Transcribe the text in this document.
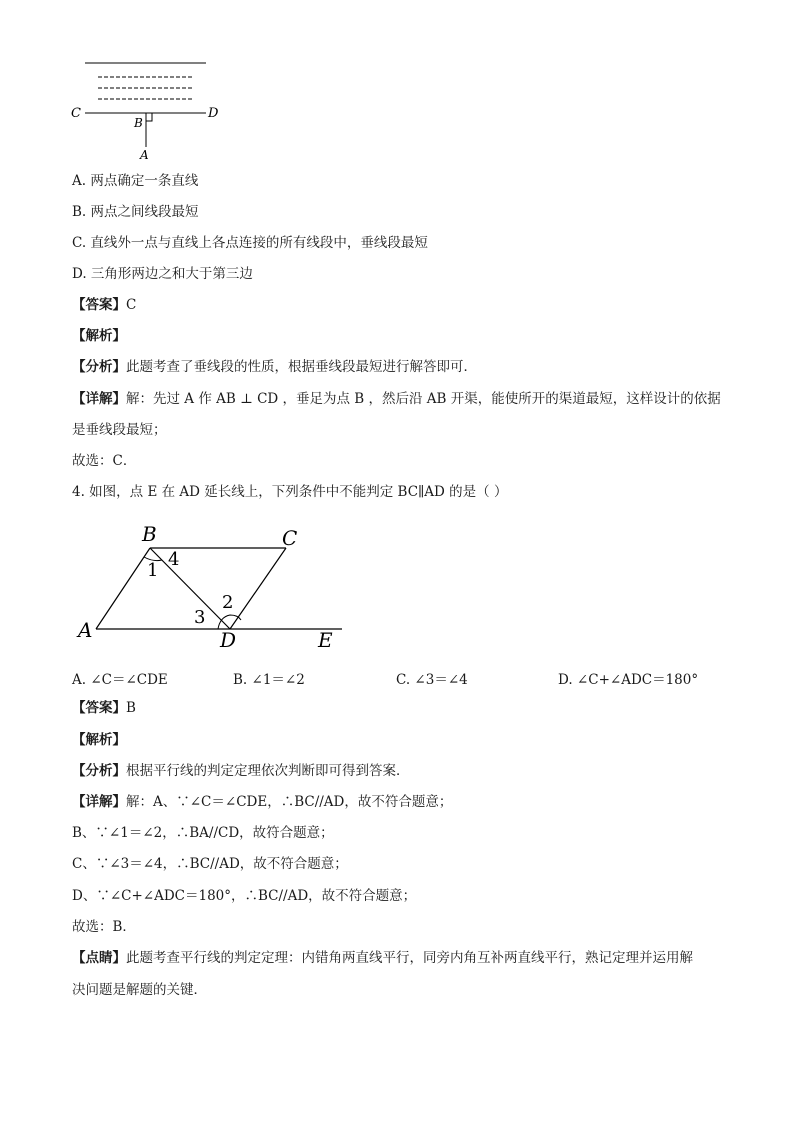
C	D
B
A
A. 两点确定一条直线
B. 两点之间线段最短
C. 直线外一点与直线上各点连接的所有线段中，垂线段最短
D. 三角形两边之和大于第三边
【答案】C
【解析】
【分析】此题考查了垂线段的性质，根据垂线段最短进行解答即可．
【详解】解：先过 A 作 AB ⊥ CD ，垂足为点 B ，然后沿 AB 开渠，能使所开的渠道最短，这样设计的依据
是垂线段最短；
故选：C．
4. 如图，点 E 在 AD 延长线上，下列条件中不能判定 BC∥AD 的是（ ）
B	C
A	D	E
1
4
2
3
A. ∠C＝∠CDE	B. ∠1＝∠2	C. ∠3＝∠4	D. ∠C+∠ADC＝180°
【答案】B
【解析】
【分析】根据平行线的判定定理依次判断即可得到答案．
【详解】解：A、∵∠C＝∠CDE，∴BC//AD，故不符合题意；
B、∵∠1＝∠2，∴BA//CD，故符合题意；
C、∵∠3＝∠4，∴BC//AD，故不符合题意；
D、∵∠C+∠ADC＝180°，∴BC//AD，故不符合题意；
故选：B．
【点睛】此题考查平行线的判定定理：内错角两直线平行，同旁内角互补两直线平行，熟记定理并运用解
决问题是解题的关键．
